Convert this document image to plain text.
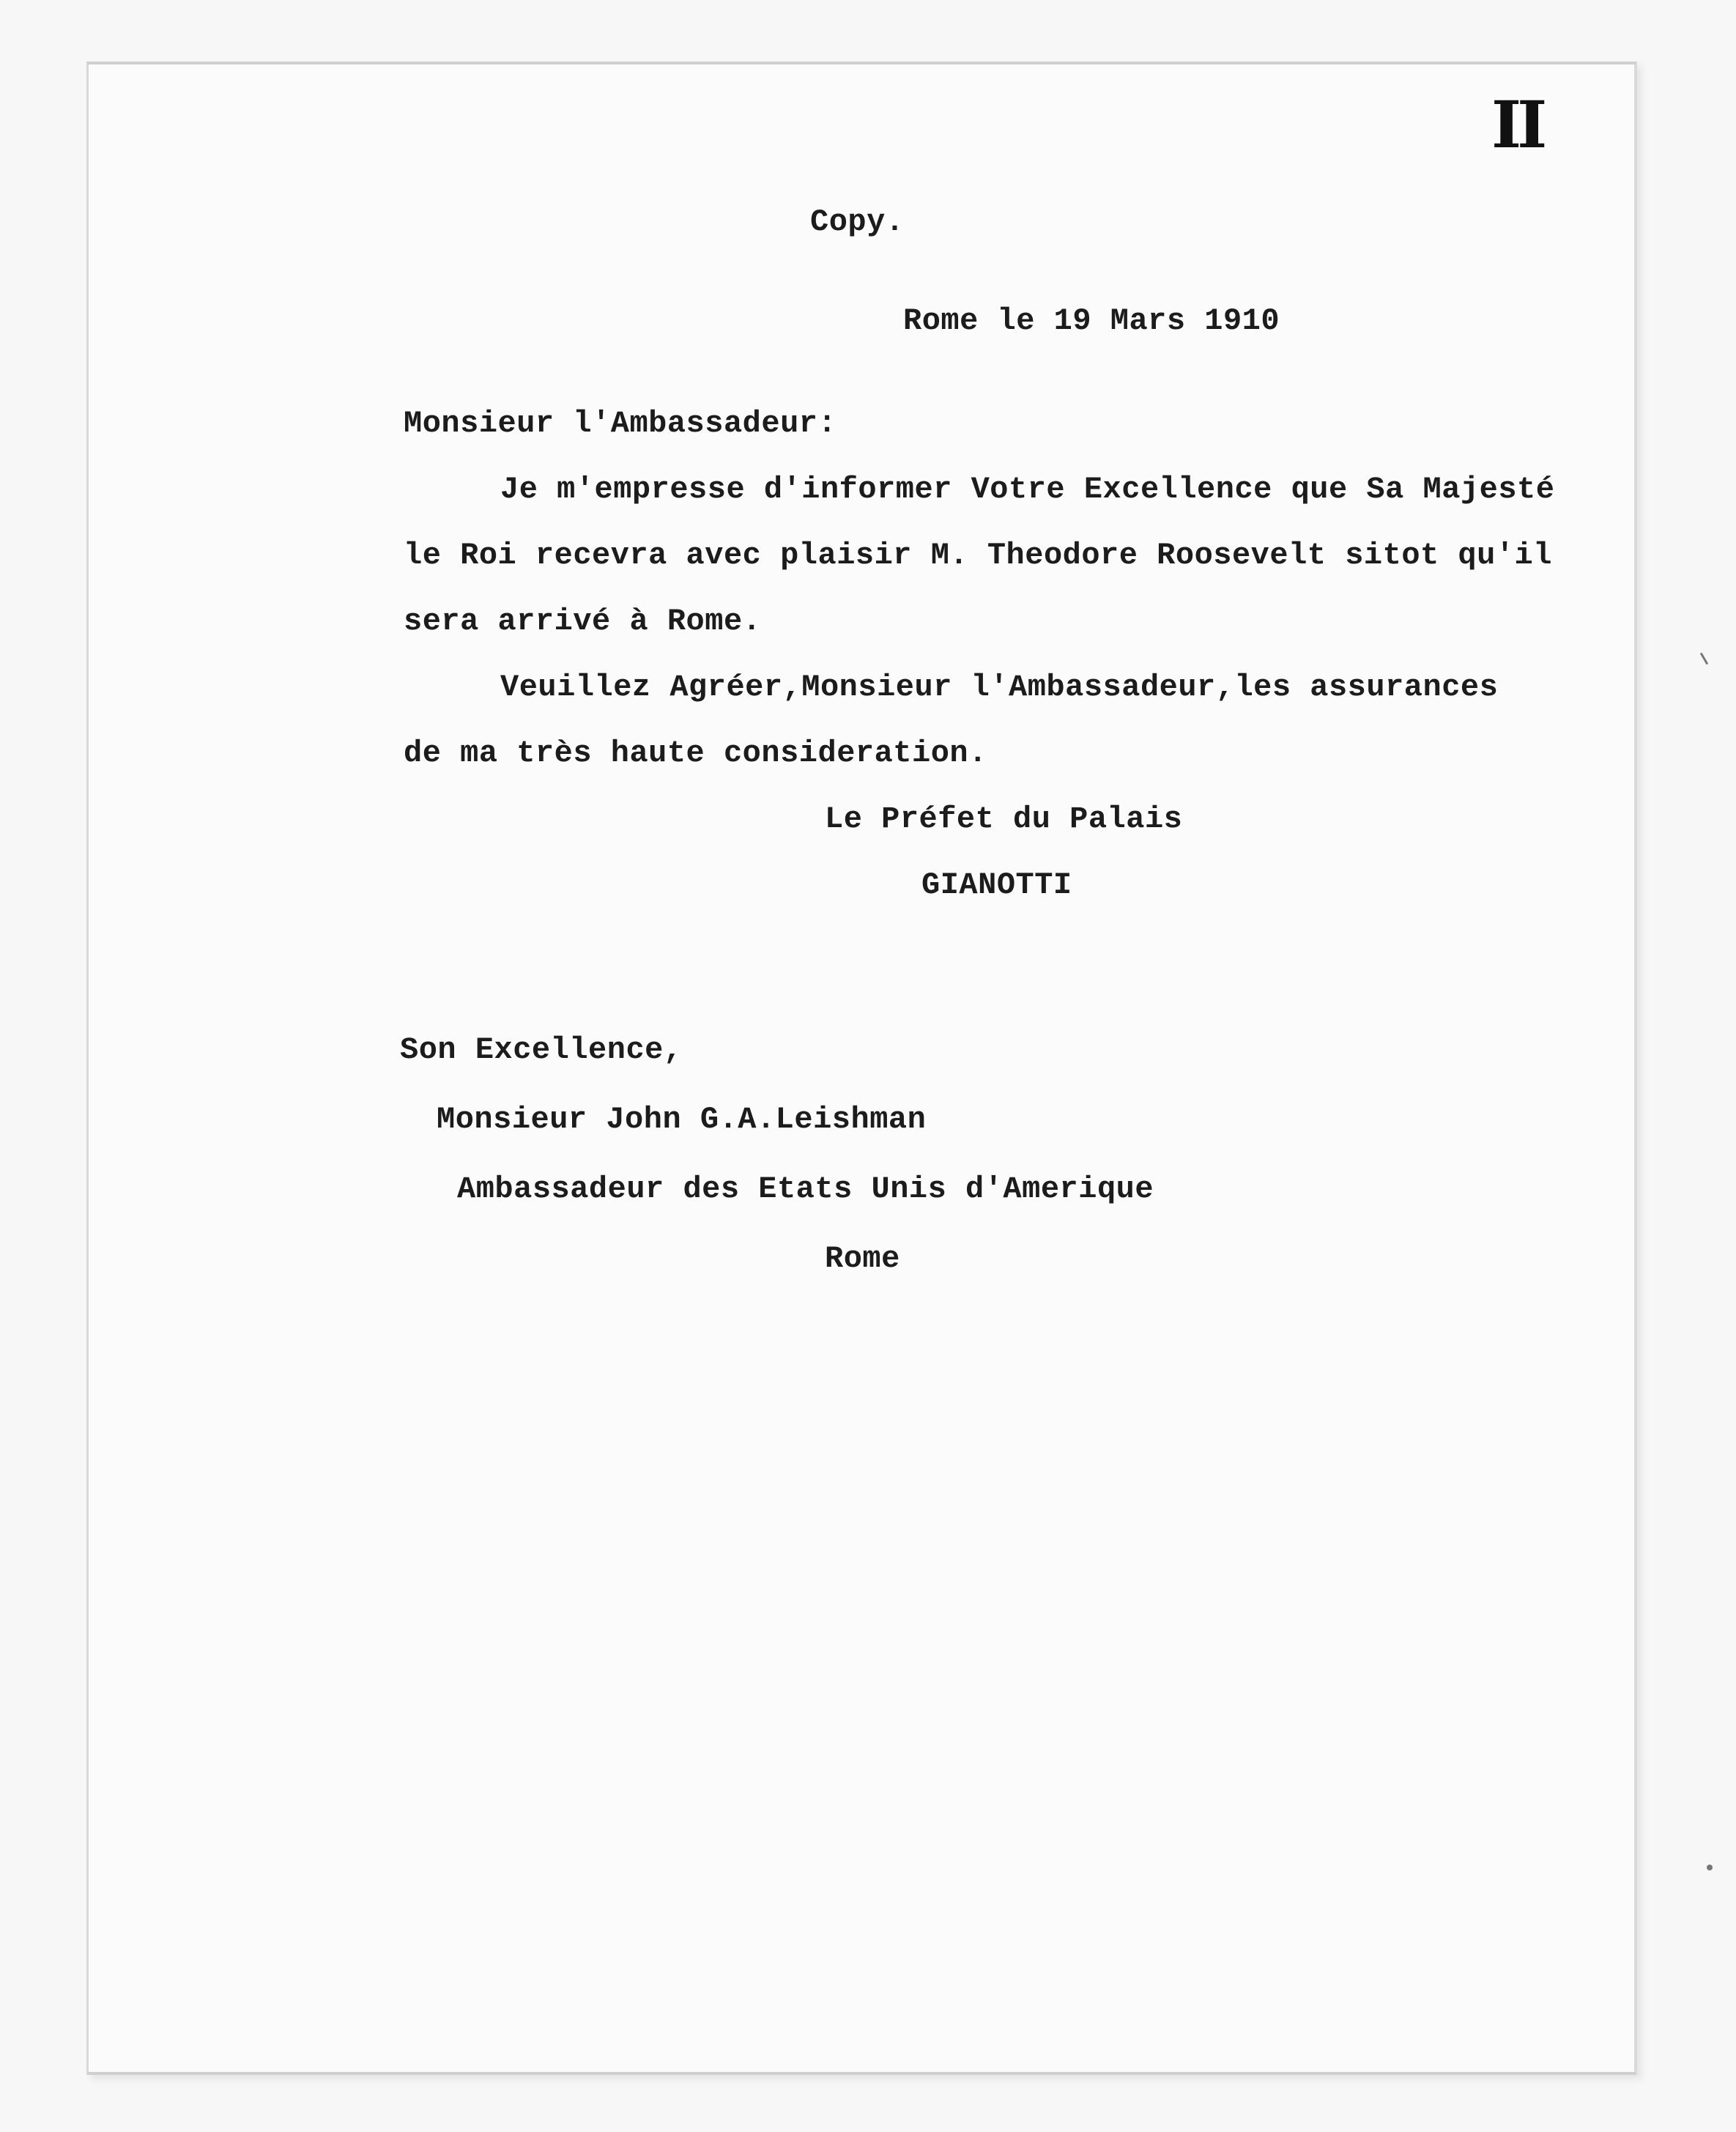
II
Copy.
Rome le 19 Mars 1910
Monsieur l'Ambassadeur:
Je m'empresse d'informer Votre Excellence que Sa Majesté
le Roi recevra avec plaisir M. Theodore Roosevelt sitot qu'il
sera arrivé à Rome.
Veuillez Agréer,Monsieur l'Ambassadeur,les assurances
de ma très haute consideration.
Le Préfet du Palais
GIANOTTI
Son Excellence,
Monsieur John G.A.Leishman
Ambassadeur des Etats Unis d'Amerique
Rome
